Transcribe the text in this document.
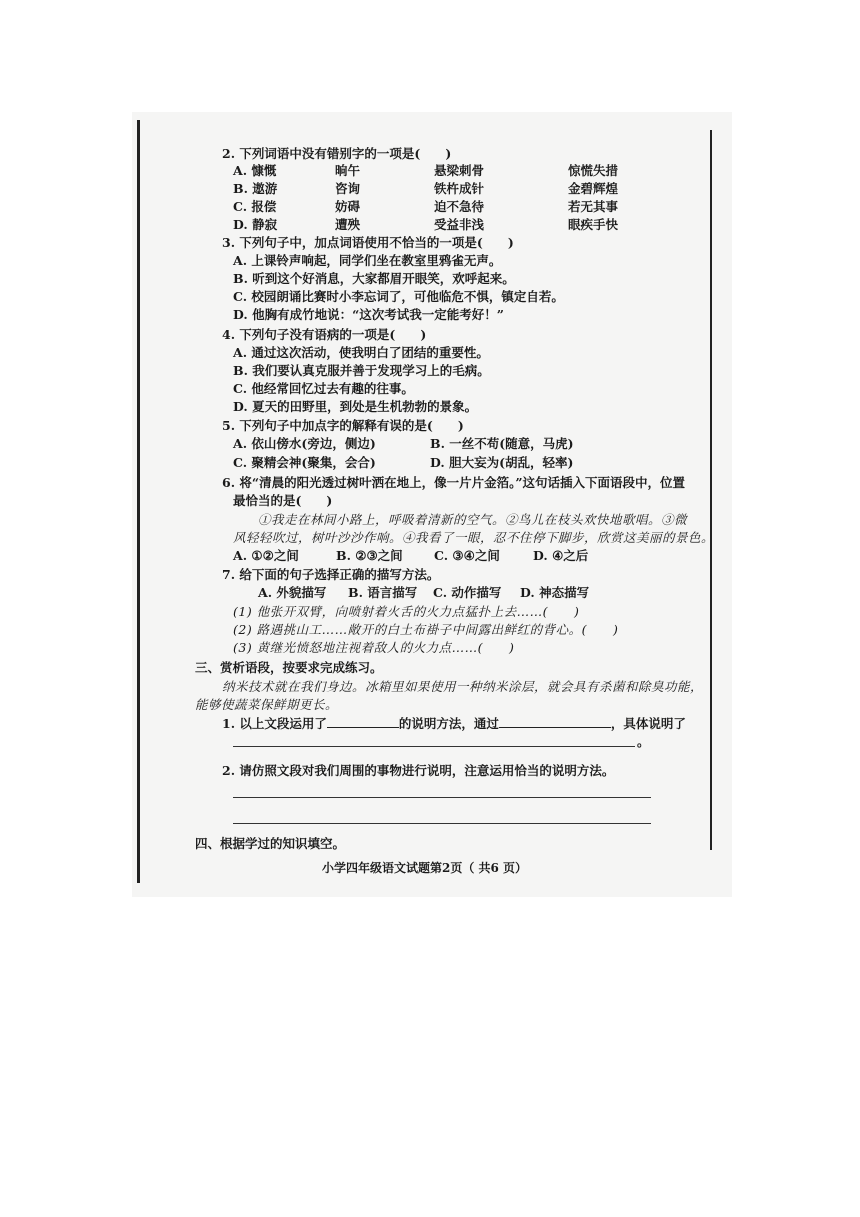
2. 下列词语中没有错别字的一项是(　　)
A. 慷慨	晌午	悬梁刺骨	惊慌失措
B. 遨游	咨询	铁杵成针	金碧辉煌
C. 报偿	妨碍	迫不急待	若无其事
D. 静寂	遭殃	受益非浅	眼疾手快
3. 下列句子中，加点词语使用不恰当的一项是(　　)
A. 上课铃声响起，同学们坐在教室里鸦雀无声。
B. 听到这个好消息，大家都眉开眼笑，欢呼起来。
C. 校园朗诵比赛时小李忘词了，可他临危不惧，镇定自若。
D. 他胸有成竹地说：“这次考试我一定能考好！”
4. 下列句子没有语病的一项是(　　)
A. 通过这次活动，使我明白了团结的重要性。
B. 我们要认真克服并善于发现学习上的毛病。
C. 他经常回忆过去有趣的往事。
D. 夏天的田野里，到处是生机勃勃的景象。
5. 下列句子中加点字的解释有误的是(　　)
A. 依山傍水(旁边，侧边)	B. 一丝不苟(随意，马虎)
C. 聚精会神(聚集，会合)	D. 胆大妄为(胡乱，轻率)
6. 将“清晨的阳光透过树叶洒在地上，像一片片金箔。”这句话插入下面语段中，位置
最恰当的是(　　)
①我走在林间小路上，呼吸着清新的空气。②鸟儿在枝头欢快地歌唱。③微
风轻轻吹过，树叶沙沙作响。④我看了一眼，忍不住停下脚步，欣赏这美丽的景色。
A. ①②之间	B. ②③之间	C. ③④之间	D. ④之后
7. 给下面的句子选择正确的描写方法。
A. 外貌描写 B. 语言描写 C. 动作描写 D. 神态描写
(1) 他张开双臂，向喷射着火舌的火力点猛扑上去……(　　)
(2) 路遇挑山工……敞开的白土布褂子中间露出鲜红的背心。(　　)
(3) 黄继光愤怒地注视着敌人的火力点……(　　)
三、赏析语段，按要求完成练习。
纳米技术就在我们身边。冰箱里如果使用一种纳米涂层，就会具有杀菌和除臭功能，
能够使蔬菜保鲜期更长。
1. 以上文段运用了	的说明方法，通过	，具体说明了
。
2. 请仿照文段对我们周围的事物进行说明，注意运用恰当的说明方法。
四、根据学过的知识填空。
小学四年级语文试题第2页（ 共6 页）
